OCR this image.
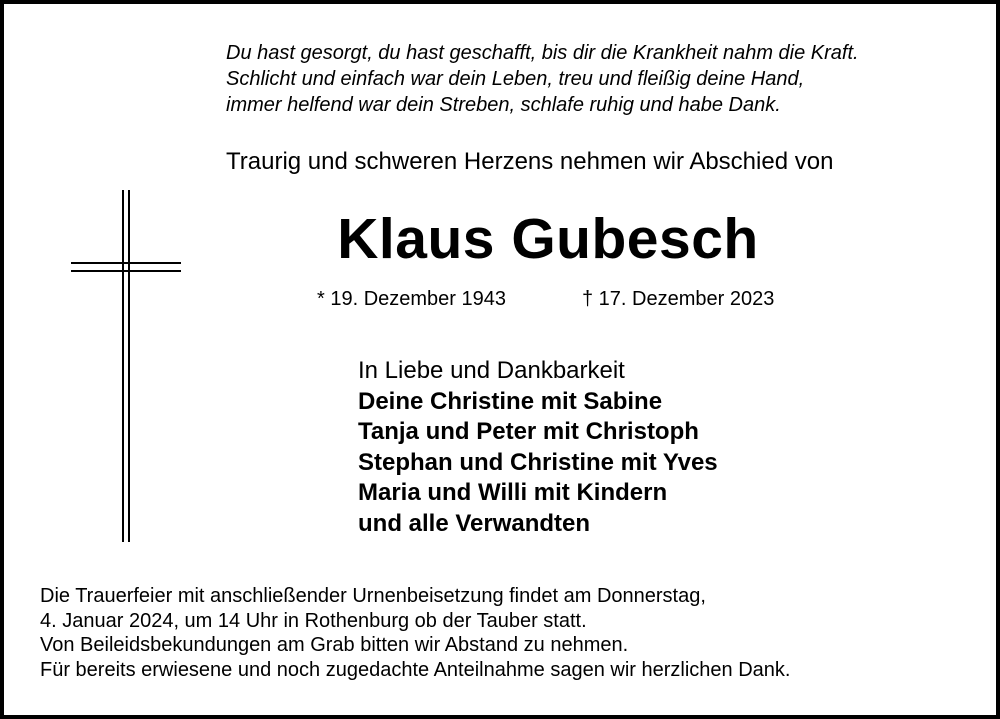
Du hast gesorgt, du hast geschafft, bis dir die Krankheit nahm die Kraft.
Schlicht und einfach war dein Leben, treu und fleißig deine Hand,
immer helfend war dein Streben, schlafe ruhig und habe Dank.
Traurig und schweren Herzens nehmen wir Abschied von
Klaus Gubesch
* 19. Dezember 1943	† 17. Dezember 2023
In Liebe und Dankbarkeit
Deine Christine mit Sabine
Tanja und Peter mit Christoph
Stephan und Christine mit Yves
Maria und Willi mit Kindern
und alle Verwandten
Die Trauerfeier mit anschließender Urnenbeisetzung findet am Donnerstag,
4. Januar 2024, um 14 Uhr in Rothenburg ob der Tauber statt.
Von Beileidsbekundungen am Grab bitten wir Abstand zu nehmen.
Für bereits erwiesene und noch zugedachte Anteilnahme sagen wir herzlichen Dank.
